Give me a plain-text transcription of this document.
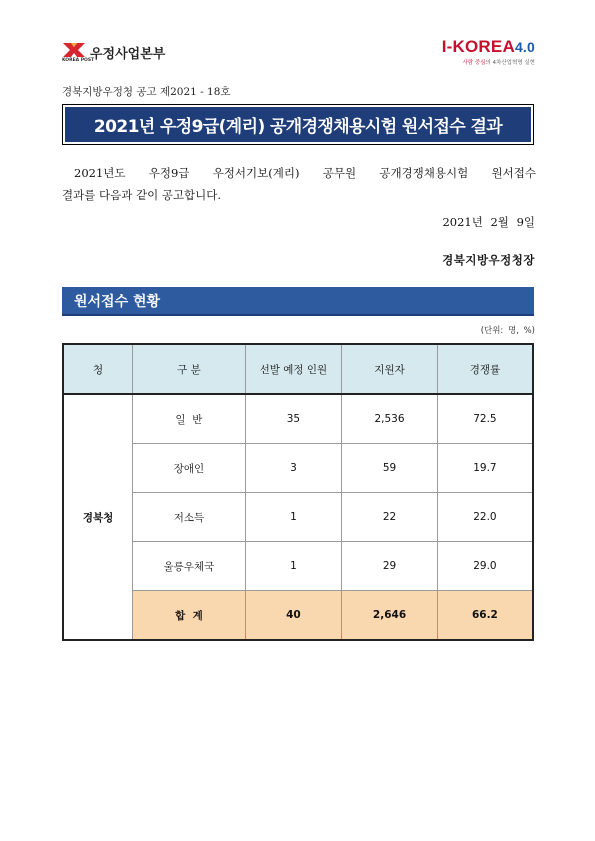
KOREA POST
우정사업본부	I-KOREA4.0
사람 중심의 4차산업혁명 실현
경북지방우정청 공고 제2021 - 18호
2021년 우정9급(계리) 공개경쟁채용시험 원서접수 결과
2021년도 우정9급 우정서기보(계리) 공무원 공개경쟁채용시험 원서접수
결과를 다음과 같이 공고합니다.
2021년 2월 9일
경북지방우정청장
원서접수 현황
(단위: 명, %)
청	구 분	선발 예정 인원	지원자	경쟁률
경북청	일  반	35	2,536	72.5
	장애인	3	59	19.7
	저소득	1	22	22.0
	울릉우체국	1	29	29.0
	합  계	40	2,646	66.2
